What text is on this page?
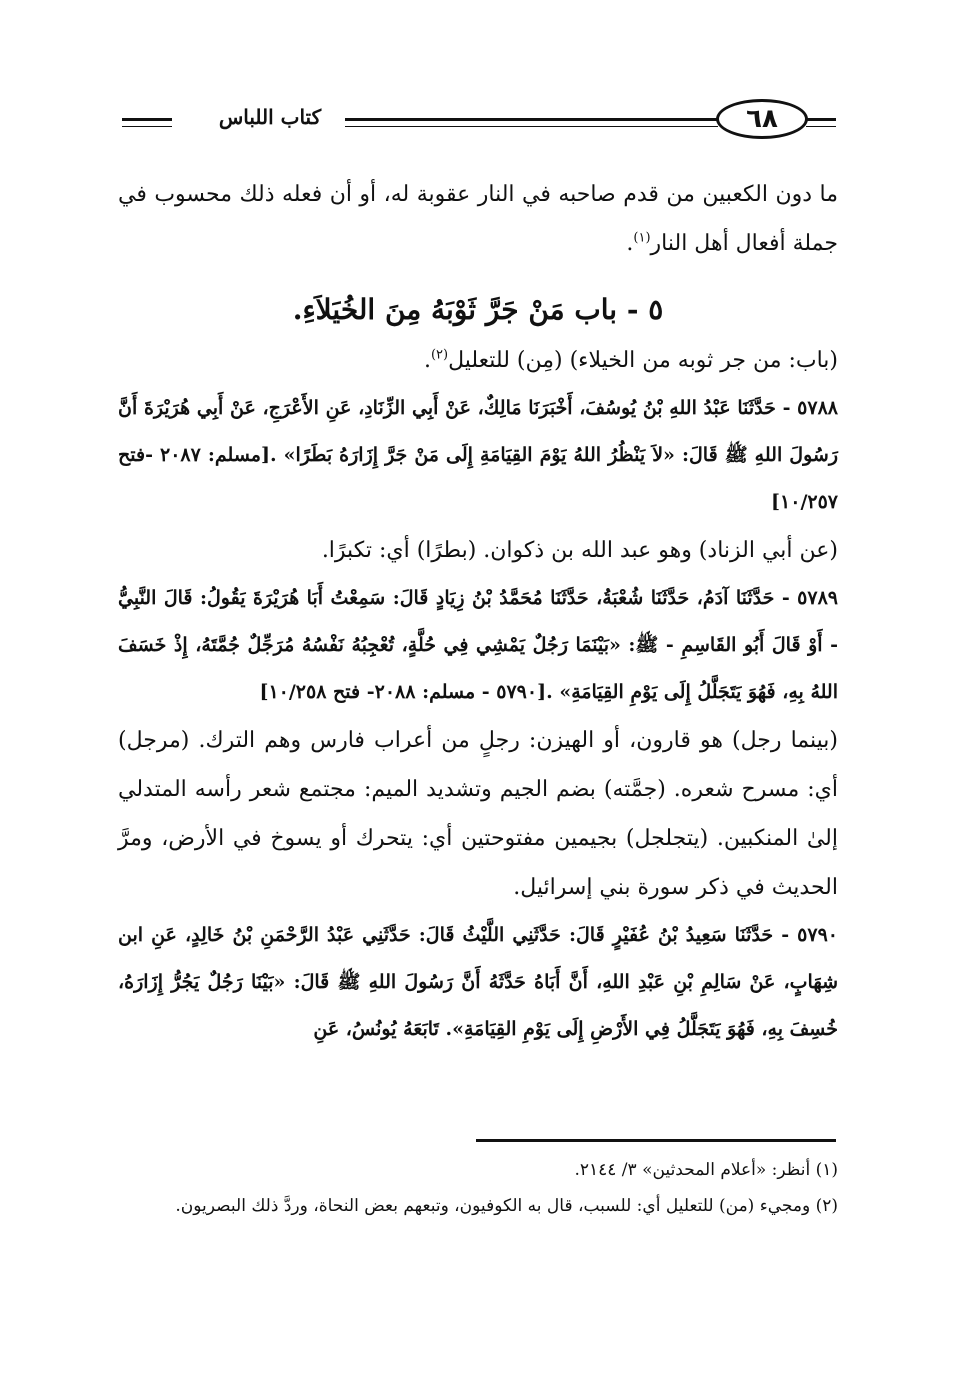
كتاب اللباس	٦٨

ما دون الكعبين من قدم صاحبه في النار عقوبة له، أو أن فعله ذلك محسوب في جملة أفعال أهل النار$^{(١)}$.

٥ - باب مَنْ جَرَّ ثَوْبَهُ مِنَ الخُيَلاَءِ.

(باب: من جر ثوبه من الخيلاء) (مِن) للتعليل$^{(٢)}$.

٥٧٨٨ - حَدَّثَنَا عَبْدُ اللهِ بْنُ يُوسُفَ، أَخْبَرَنَا مَالِكٌ، عَنْ أَبِي الزِّنَادِ، عَنِ الأَعْرَجِ، عَنْ أَبِي هُرَيْرَةَ أَنَّ رَسُولَ اللهِ ﷺ قَالَ: «لاَ يَنْظُرُ اللهُ يَوْمَ القِيَامَةِ إِلَى مَنْ جَرَّ إِزَارَهُ بَطَرًا» .[مسلم: ٢٠٨٧ -فتح ١٠/٢٥٧]

(عن أبي الزناد) وهو عبد الله بن ذكوان. (بطرًا) أي: تكبرًا.

٥٧٨٩ - حَدَّثَنَا آدَمُ، حَدَّثَنَا شُعْبَةُ، حَدَّثَنَا مُحَمَّدُ بْنُ زِيَادٍ قَالَ: سَمِعْتُ أَبَا هُرَيْرَةَ يَقُولُ: قَالَ النَّبِيُّ - أَوْ قَالَ أَبُو القَاسِمِ - ﷺ: «بَيْنَمَا رَجُلٌ يَمْشِي فِي حُلَّةٍ، تُعْجِبُهُ نَفْسُهُ مُرَجِّلٌ جُمَّتَهُ، إِذْ خَسَفَ اللهُ بِهِ، فَهُوَ يَتَجَلَّلُ إِلَى يَوْمِ القِيَامَةِ» .[٥٧٩٠ - مسلم: ٢٠٨٨- فتح ١٠/٢٥٨]

(بينما رجل) هو قارون، أو الهيزن: رجلٍ من أعراب فارس وهم الترك. (مرجل) أي: مسرح شعره. (جمَّته) بضم الجيم وتشديد الميم: مجتمع شعر رأسه المتدلي إلىٰ المنكبين. (يتجلجل) بجيمين مفتوحتين أي: يتحرك أو يسوخ في الأرض، ومرَّ الحديث في ذكر سورة بني إسرائيل.

٥٧٩٠ - حَدَّثَنَا سَعِيدُ بْنُ عُفَيْرٍ قَالَ: حَدَّثَنِي اللَّيْثُ قَالَ: حَدَّثَنِي عَبْدُ الرَّحْمَنِ بْنُ خَالِدٍ، عَنِ ابن شِهَابٍ، عَنْ سَالِمِ بْنِ عَبْدِ اللهِ، أَنَّ أَبَاهُ حَدَّثَهُ أَنَّ رَسُولَ اللهِ ﷺ قَالَ: «بَيْنَا رَجُلٌ يَجُرُّ إِزَارَهُ، خُسِفَ بِهِ، فَهُوَ يَتَجَلَّلُ فِي الأَرْضِ إِلَى يَوْمِ القِيَامَةِ». تَابَعَهُ يُونُسُ، عَنِ

(١) أنظر: «أعلام المحدثين» ٣/ ٢١٤٤.

(٢) ومجيء (من) للتعليل أي: للسبب، قال به الكوفيون، وتبعهم بعض النحاة، وردَّ ذلك البصريون.
